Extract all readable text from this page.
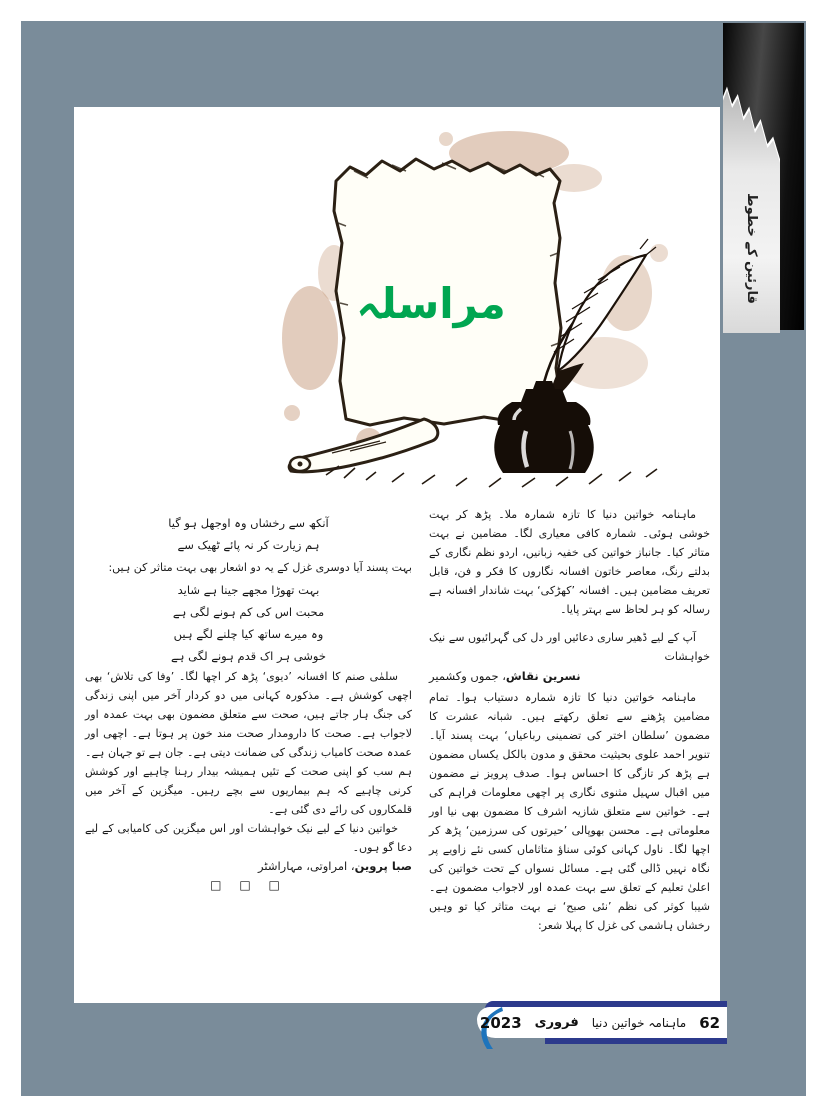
مراسلہ

ماہنامہ خواتین دنیا کا تازہ شمارہ ملا۔ پڑھ کر بہت خوشی ہوئی۔ شمارہ کافی معیاری لگا۔ مضامین نے بہت متاثر کیا۔ جانباز خواتین کی خفیہ زبانیں، اردو نظم نگاری کے بدلتے رنگ، معاصر خاتون افسانہ نگاروں کا فکر و فن، قابل تعریف مضامین ہیں۔ افسانہ ’کھڑکی‘ بہت شاندار افسانہ ہے رسالہ کو ہر لحاظ سے بہتر پایا۔

آپ کے لیے ڈھیر ساری دعائیں اور دل کی گہرائیوں سے نیک خواہشات

نسرین نقاش، جموں وکشمیر

ماہنامہ خواتین دنیا کا تازہ شمارہ دستیاب ہوا۔ تمام مضامین پڑھنے سے تعلق رکھتے ہیں۔ شبانہ عشرت کا مضمون ’سلطان اختر کی تضمینی رباعیاں‘ بہت پسند آیا۔ تنویر احمد علوی بحیثیت محقق و مدون بالکل یکساں مضمون ہے پڑھ کر تازگی کا احساس ہوا۔ صدف پرویز نے مضمون میں اقبال سہیل مثنوی نگاری پر اچھی معلومات فراہم کی ہے۔ خواتین سے متعلق شازیہ اشرف کا مضمون بھی نیا اور معلوماتی ہے۔ محسن بھوپالی ’حیرتوں کی سرزمین‘ پڑھ کر اچھا لگا۔ ناول کہانی کوئی سناؤ متاثاماں کسی نئے زاویے پر نگاہ نہیں ڈالی گئی ہے۔ مسائل نسواں کے تحت خواتین کی اعلیٰ تعلیم کے تعلق سے بہت عمدہ اور لاجواب مضمون ہے۔ شیبا کوثر کی نظم ’نئی صبح‘ نے بہت متاثر کیا تو وہیں رخشاں ہاشمی کی غزل کا پہلا شعر:

آنکھ سے رخشاں وہ اوجھل ہو گیا
ہم زیارت کر نہ پائے ٹھیک سے

بہت پسند آیا دوسری غزل کے یہ دو اشعار بھی بہت متاثر کن ہیں:

بہت تھوڑا مجھے جینا ہے شاید
محبت اس کی کم ہونے لگی ہے
وہ میرے ساتھ کیا چلنے لگے ہیں
خوشی ہر اک قدم ہونے لگی ہے

سلمٰی صنم کا افسانہ ’دیوی‘ پڑھ کر اچھا لگا۔ ’وفا کی تلاش‘ بھی اچھی کوشش ہے۔ مذکورہ کہانی میں دو کردار آخر میں اپنی زندگی کی جنگ ہار جاتے ہیں، صحت سے متعلق مضمون بھی بہت عمدہ اور لاجواب ہے۔ صحت کا دارومدار صحت مند خون پر ہوتا ہے۔ اچھی اور عمدہ صحت کامیاب زندگی کی ضمانت دیتی ہے۔ جان ہے تو جہان ہے۔ ہم سب کو اپنی صحت کے تئیں ہمیشہ بیدار رہنا چاہیے اور کوشش کرنی چاہیے کہ ہم بیماریوں سے بچے رہیں۔ میگزین کے آخر میں قلمکاروں کی رائے دی گئی ہے۔

خواتین دنیا کے لیے نیک خواہشات اور اس میگزین کی کامیابی کے لیے دعا گو ہوں۔

صبا پروین، امراوتی، مہاراشٹر

□ □ □
قارئین کے خطوط
62
ماہنامہ خواتین دنیا
فروری
2023
